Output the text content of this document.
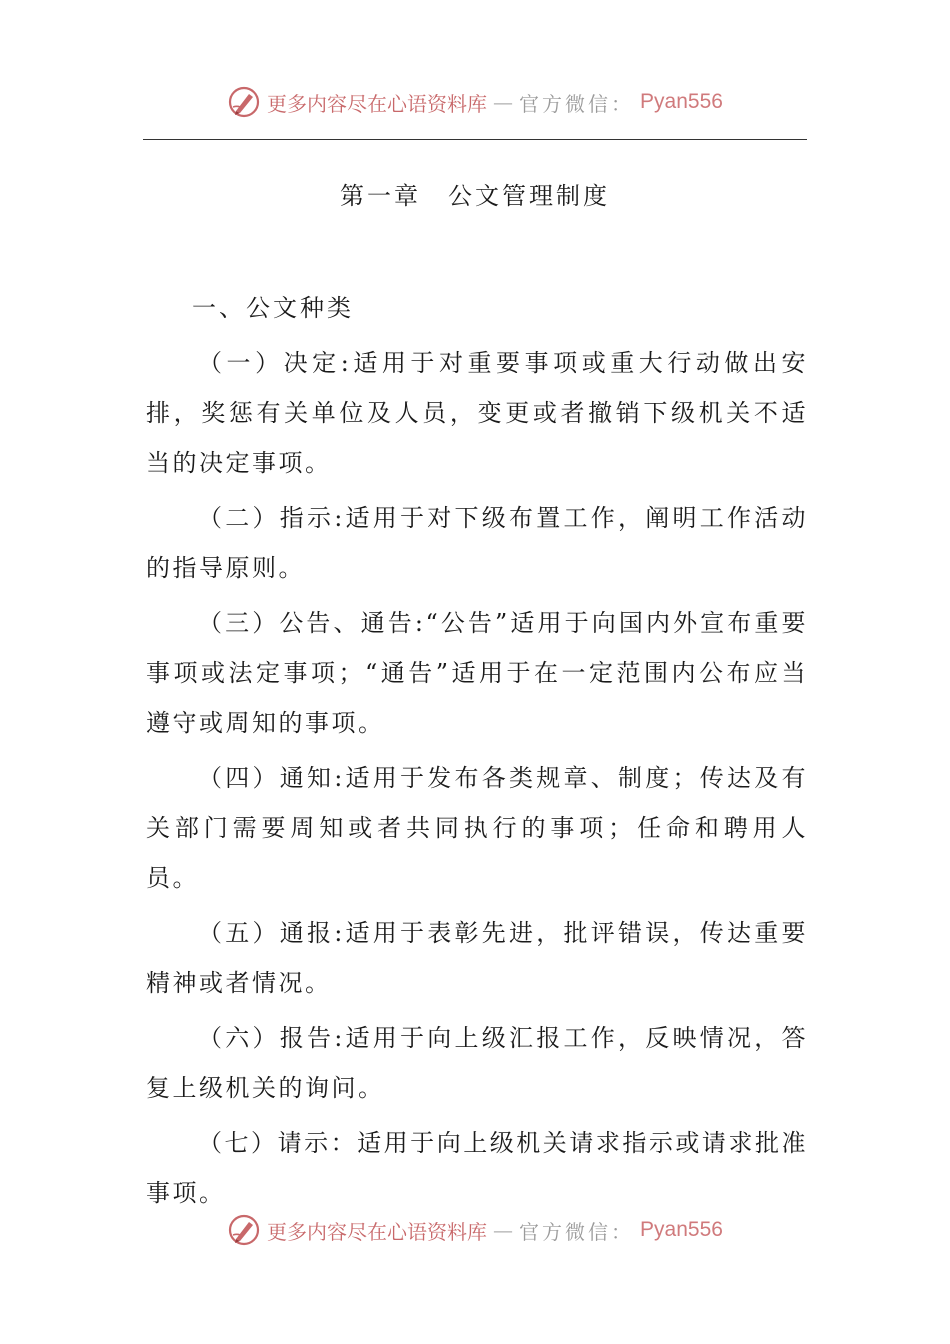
更多内容尽在心语资料库 — 官方微信： Pyan556
第一章　公文管理制度
一、公文种类

（一）决定:适用于对重要事项或重大行动做出安排，奖惩有关单位及人员，变更或者撤销下级机关不适当的决定事项。

（二）指示:适用于对下级布置工作，阐明工作活动的指导原则。

（三）公告、通告:“公告”适用于向国内外宣布重要事项或法定事项；“通告”适用于在一定范围内公布应当遵守或周知的事项。

（四）通知:适用于发布各类规章、制度；传达及有关部门需要周知或者共同执行的事项；任命和聘用人员。

（五）通报:适用于表彰先进，批评错误，传达重要精神或者情况。

（六）报告:适用于向上级汇报工作，反映情况，答复上级机关的询问。

（七）请示：适用于向上级机关请求指示或请求批准事项。

更多内容尽在心语资料库 — 官方微信： Pyan556
